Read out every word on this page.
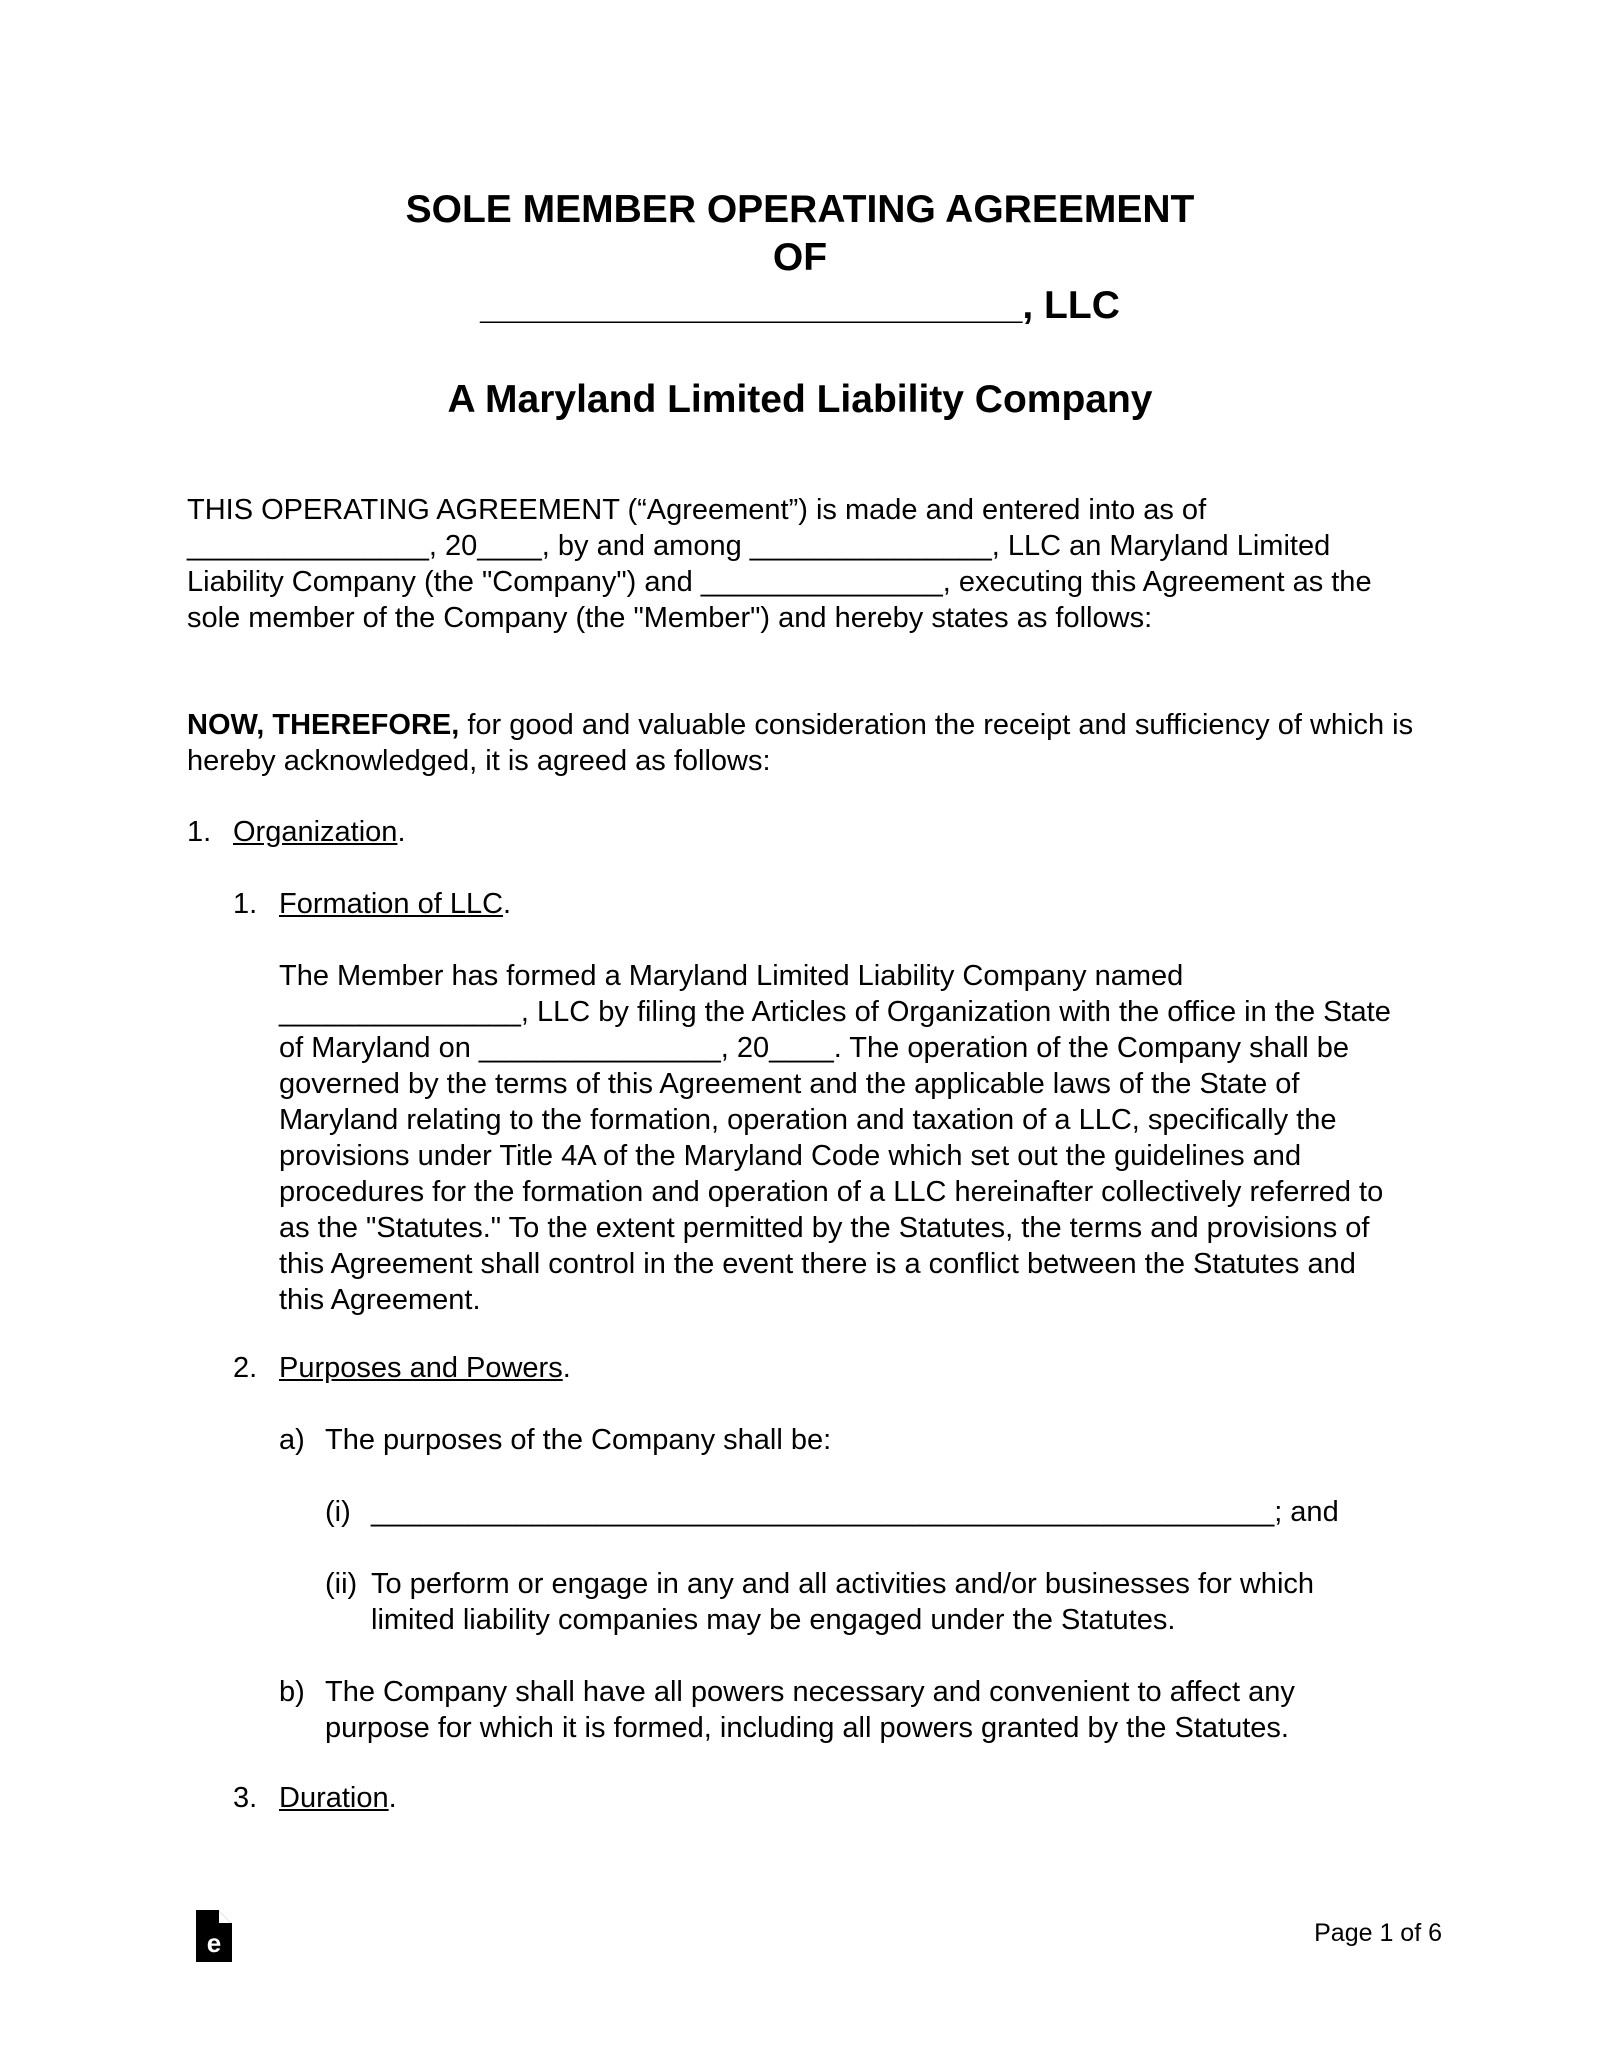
SOLE MEMBER OPERATING AGREEMENT
OF
_________________________, LLC
A Maryland Limited Liability Company
THIS OPERATING AGREEMENT (“Agreement”) is made and entered into as of _______________, 20____, by and among _______________, LLC an Maryland Limited Liability Company (the "Company") and _______________, executing this Agreement as the sole member of the Company (the "Member") and hereby states as follows:
NOW, THEREFORE, for good and valuable consideration the receipt and sufficiency of which is hereby acknowledged, it is agreed as follows:
1. Organization.
1. Formation of LLC.
The Member has formed a Maryland Limited Liability Company named _______________, LLC by filing the Articles of Organization with the office in the State of Maryland on _______________, 20____. The operation of the Company shall be governed by the terms of this Agreement and the applicable laws of the State of Maryland relating to the formation, operation and taxation of a LLC, specifically the provisions under Title 4A of the Maryland Code which set out the guidelines and procedures for the formation and operation of a LLC hereinafter collectively referred to as the "Statutes." To the extent permitted by the Statutes, the terms and provisions of this Agreement shall control in the event there is a conflict between the Statutes and this Agreement.
2. Purposes and Powers.
a) The purposes of the Company shall be:
(i) ________________________________________________________; and
(ii) To perform or engage in any and all activities and/or businesses for which limited liability companies may be engaged under the Statutes.
b) The Company shall have all powers necessary and convenient to affect any purpose for which it is formed, including all powers granted by the Statutes.
3. Duration.
e	Page 1 of 6
